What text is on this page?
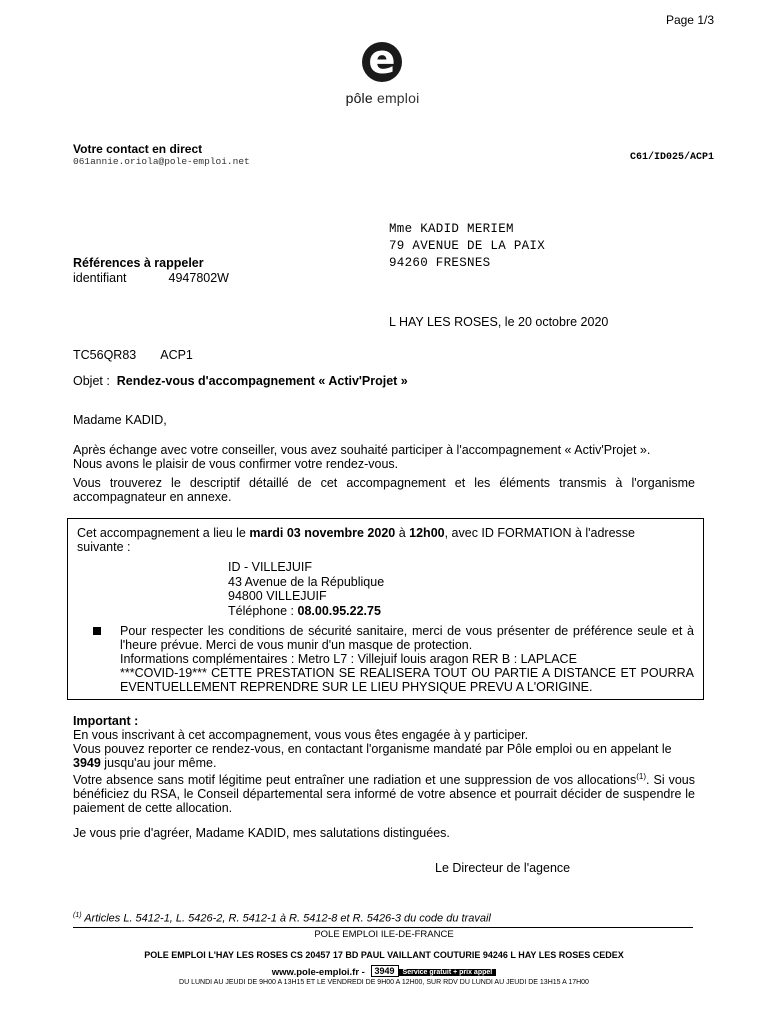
Page 1/3
e
pôle emploi
Votre contact en direct
061annie.oriola@pole-emploi.net	C61/ID025/ACP1
Mme KADID MERIEM
79 AVENUE DE LA PAIX
94260 FRESNES
Références à rappeler
identifiant	4947802W
L HAY LES ROSES, le 20 octobre 2020
TC56QR83 ACP1
Objet : Rendez-vous d'accompagnement « Activ'Projet »
Madame KADID,
Après échange avec votre conseiller, vous avez souhaité participer à l'accompagnement « Activ'Projet ».
Nous avons le plaisir de vous confirmer votre rendez-vous.
Vous trouverez le descriptif détaillé de cet accompagnement et les éléments transmis à l'organisme accompagnateur en annexe.
Cet accompagnement a lieu le mardi 03 novembre 2020 à 12h00, avec ID FORMATION à l'adresse
suivante :
ID - VILLEJUIF
43 Avenue de la République
94800 VILLEJUIF
Téléphone : 08.00.95.22.75
Pour respecter les conditions de sécurité sanitaire, merci de vous présenter de préférence seule et à l'heure prévue. Merci de vous munir d'un masque de protection.
Informations complémentaires : Metro L7 : Villejuif louis aragon RER B : LAPLACE
***COVID-19*** CETTE PRESTATION SE REALISERA TOUT OU PARTIE A DISTANCE ET POURRA EVENTUELLEMENT REPRENDRE SUR LE LIEU PHYSIQUE PREVU A L'ORIGINE.
Important :
En vous inscrivant à cet accompagnement, vous vous êtes engagée à y participer.
Vous pouvez reporter ce rendez-vous, en contactant l'organisme mandaté par Pôle emploi ou en appelant le 3949 jusqu'au jour même.
Votre absence sans motif légitime peut entraîner une radiation et une suppression de vos allocations$^{(1)}$. Si vous bénéficiez du RSA, le Conseil départemental sera informé de votre absence et pourrait décider de suspendre le paiement de cette allocation.
Je vous prie d'agréer, Madame KADID, mes salutations distinguées.
Le Directeur de l'agence
$^{(1)}$ Articles L. 5412-1, L. 5426-2, R. 5412-1 à R. 5412-8 et R. 5426-3 du code du travail
POLE EMPLOI ILE-DE-FRANCE
POLE EMPLOI L'HAY LES ROSES CS 20457 17 BD PAUL VAILLANT COUTURIE 94246 L HAY LES ROSES CEDEX
www.pole-emploi.fr - 3949 Service gratuit + prix appel
DU LUNDI AU JEUDI DE 9H00 A 13H15 ET LE VENDREDI DE 9H00 A 12H00, SUR RDV DU LUNDI AU JEUDI DE 13H15 A 17H00
